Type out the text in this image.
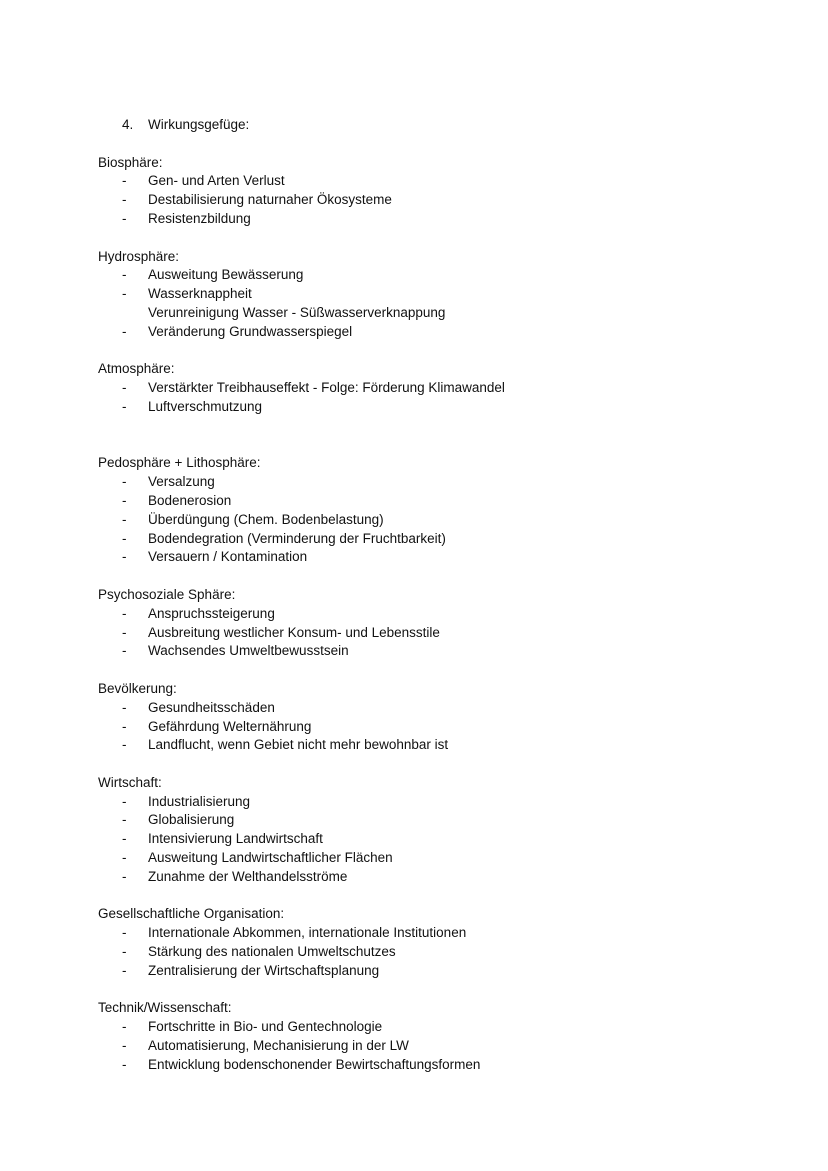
4.	Wirkungsgefüge:
Biosphäre:
-	Gen- und Arten Verlust
-	Destabilisierung naturnaher Ökosysteme
-	Resistenzbildung
Hydrosphäre:
-	Ausweitung Bewässerung
-	Wasserknappheit
Verunreinigung Wasser - Süßwasserverknappung
-	Veränderung Grundwasserspiegel
Atmosphäre:
-	Verstärkter Treibhauseffekt - Folge: Förderung Klimawandel
-	Luftverschmutzung
Pedosphäre + Lithosphäre:
-	Versalzung
-	Bodenerosion
-	Überdüngung (Chem. Bodenbelastung)
-	Bodendegration (Verminderung der Fruchtbarkeit)
-	Versauern / Kontamination
Psychosoziale Sphäre:
-	Anspruchssteigerung
-	Ausbreitung westlicher Konsum- und Lebensstile
-	Wachsendes Umweltbewusstsein
Bevölkerung:
-	Gesundheitsschäden
-	Gefährdung Welternährung
-	Landflucht, wenn Gebiet nicht mehr bewohnbar ist
Wirtschaft:
-	Industrialisierung
-	Globalisierung
-	Intensivierung Landwirtschaft
-	Ausweitung Landwirtschaftlicher Flächen
-	Zunahme der Welthandelsströme
Gesellschaftliche Organisation:
-	Internationale Abkommen, internationale Institutionen
-	Stärkung des nationalen Umweltschutzes
-	Zentralisierung der Wirtschaftsplanung
Technik/Wissenschaft:
-	Fortschritte in Bio- und Gentechnologie
-	Automatisierung, Mechanisierung in der LW
-	Entwicklung bodenschonender Bewirtschaftungsformen
